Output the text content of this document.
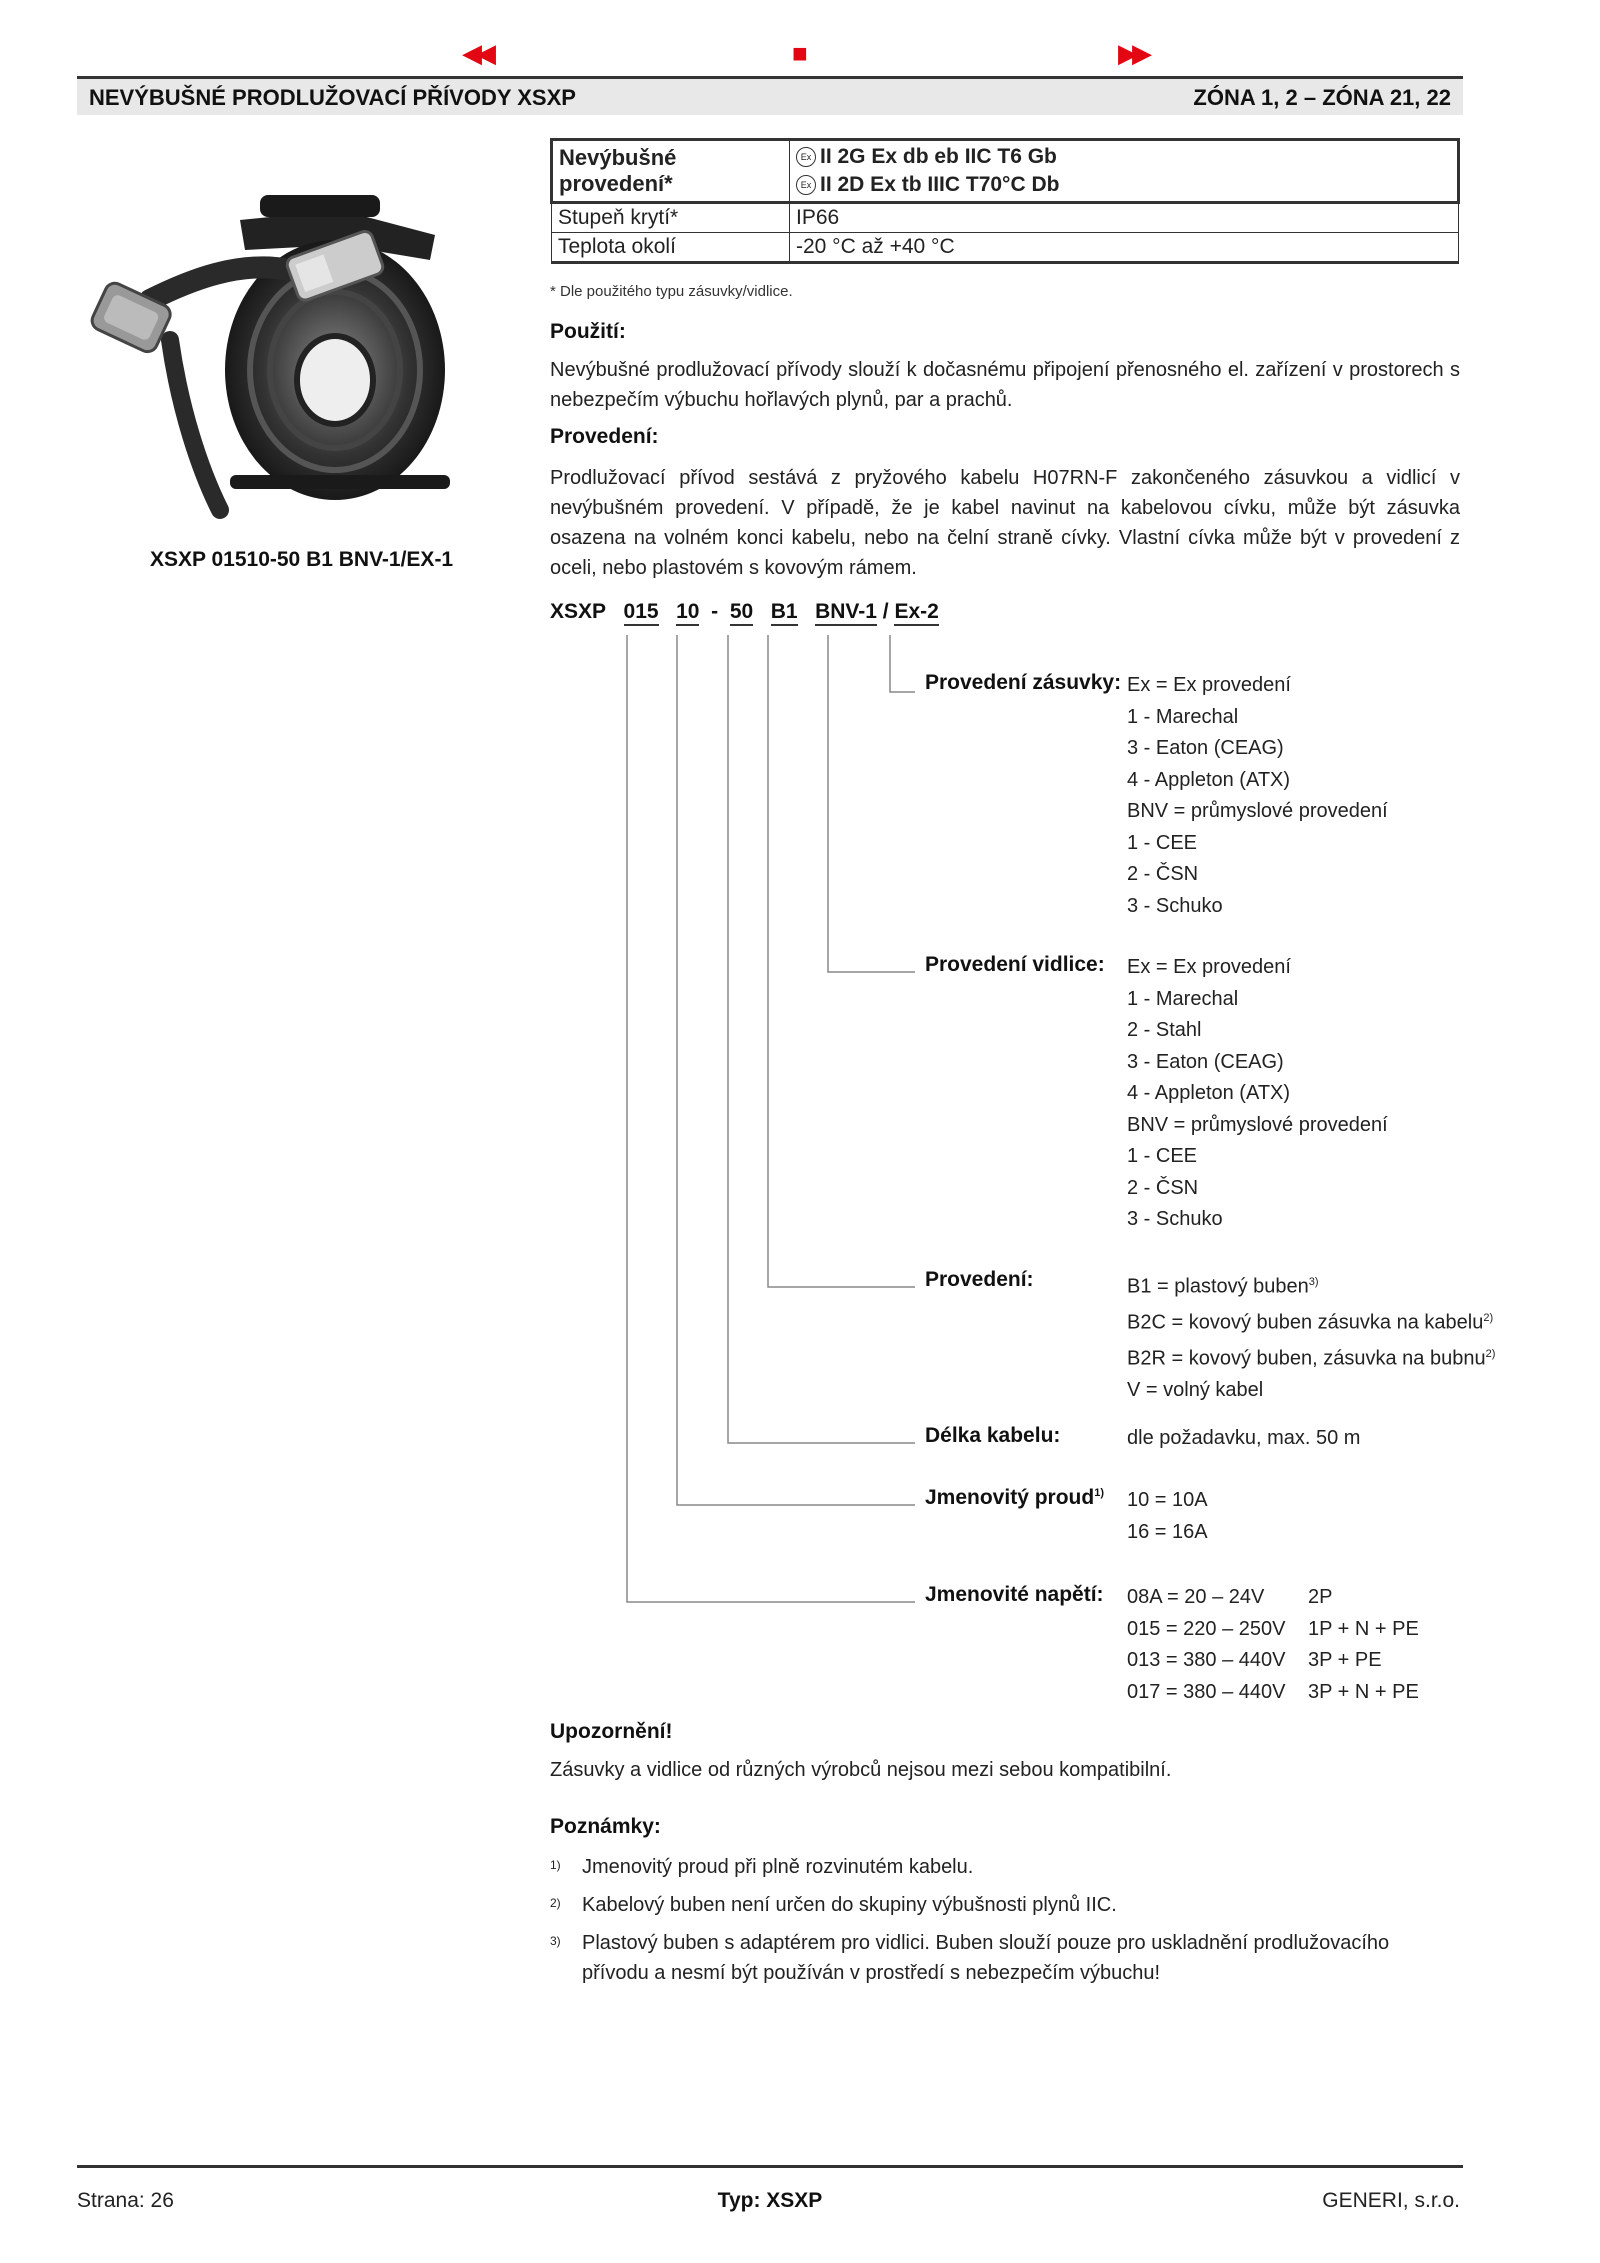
◀◀	■	▶▶
NEVÝBUŠNÉ PRODLUŽOVACÍ PŘÍVODY XSXP	ZÓNA 1, 2 – ZÓNA 21, 22
XSXP 01510-50 B1 BNV-1/EX-1
Nevýbušné provedení*	Ex II 2G Ex db eb IIC T6 Gb
Ex II 2D Ex tb IIIC T70°C Db

Stupeň krytí*	IP66
Teplota okolí	-20 °C až +40 °C
* Dle použitého typu zásuvky/vidlice.
Použití:
Nevýbušné prodlužovací přívody slouží k dočasnému připojení přenosného el. zařízení v prostorech s nebezpečím výbuchu hořlavých plynů, par a prachů.
Provedení:
Prodlužovací přívod sestává z pryžového kabelu H07RN-F zakončeného zásuvkou a vidlicí v nevýbušném provedení. V případě, že je kabel navinut na kabelovou cívku, může být zásuvka osazena na volném konci kabelu, nebo na čelní straně cívky. Vlastní cívka může být v provedení z oceli, nebo plastovém s kovovým rámem.
XSXP 015 10 - 50 B1 BNV-1 / Ex-2
Provedení zásuvky: Ex = Ex provedení
1 - Marechal
3 - Eaton (CEAG)
4 - Appleton (ATX)
BNV = průmyslové provedení
1 - CEE
2 - ČSN
3 - Schuko
Provedení vidlice: Ex = Ex provedení
1 - Marechal
2 - Stahl
3 - Eaton (CEAG)
4 - Appleton (ATX)
BNV = průmyslové provedení
1 - CEE
2 - ČSN
3 - Schuko
Provedení:	B1 = plastový buben$^{3)}$
B2C = kovový buben zásuvka na kabelu$^{2)}$
B2R = kovový buben, zásuvka na bubnu$^{2)}$
V = volný kabel
Délka kabelu:	dle požadavku, max. 50 m
Jmenovitý proud$^{1)}$ 10 = 10A
16 = 16A
Jmenovité napětí: 08A = 20 – 24V	2P
015 = 220 – 250V	1P + N + PE
013 = 380 – 440V	3P + PE
017 = 380 – 440V	3P + N + PE
Upozornění!
Zásuvky a vidlice od různých výrobců nejsou mezi sebou kompatibilní.
Poznámky:
1) Jmenovitý proud při plně rozvinutém kabelu.
2) Kabelový buben není určen do skupiny výbušnosti plynů IIC.
3) Plastový buben s adaptérem pro vidlici. Buben slouží pouze pro uskladnění prodlužovacího přívodu a nesmí být používán v prostředí s nebezpečím výbuchu!
Strana: 26	Typ: XSXP	GENERI, s.r.o.
